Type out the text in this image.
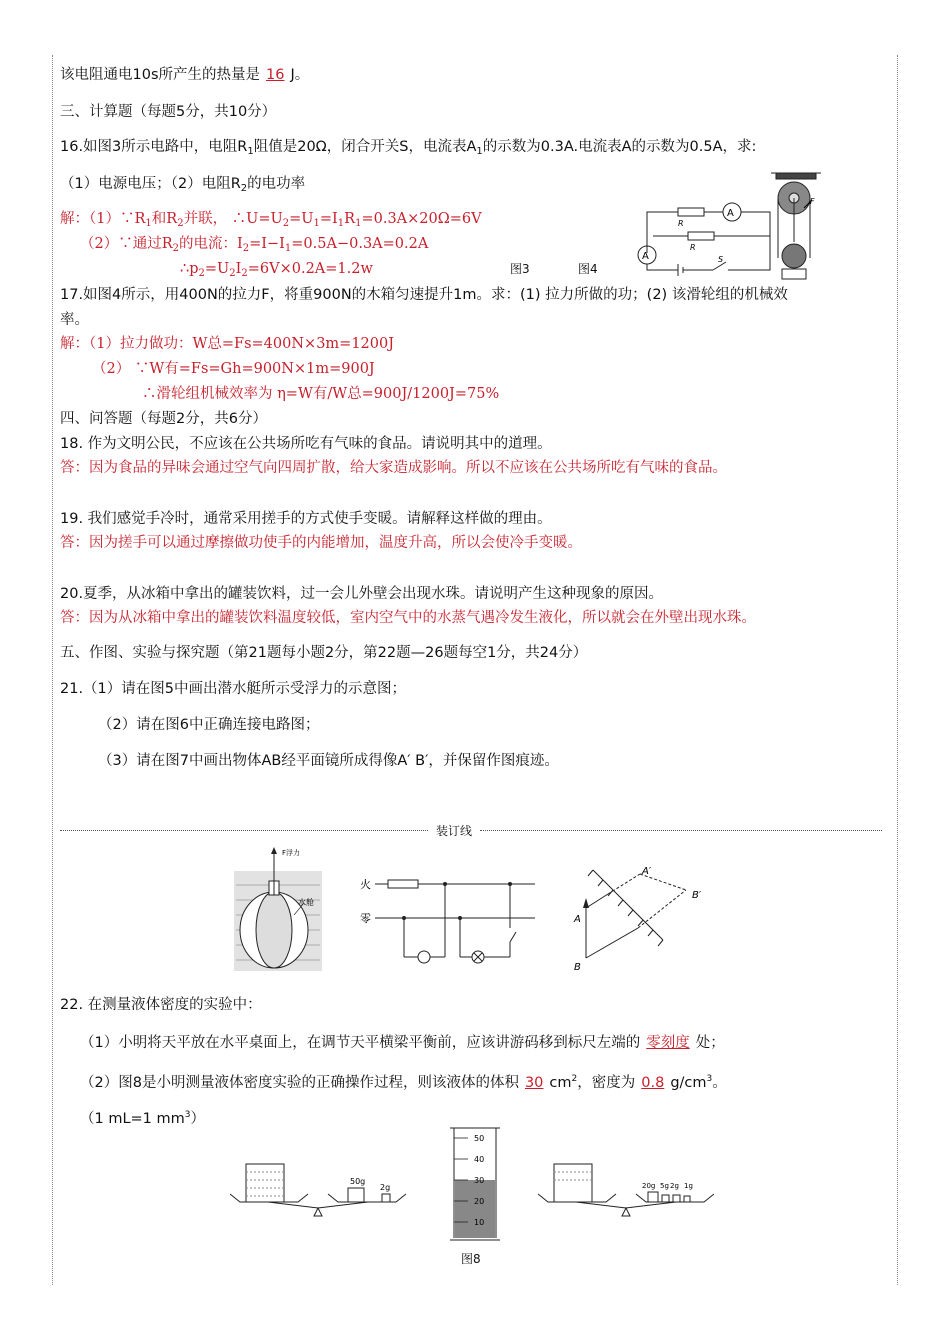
该电阻通电10s所产生的热量是 16 J。
三、计算题（每题5分，共10分）
16.如图3所示电路中，电阻$R_1$阻值是20Ω，闭合开关S，电流表$A_1$的示数为0.3A.电流表A的示数为0.5A，求:
（1）电源电压；（2）电阻$R_2$的电功率
解：$(1)\because R_1$和$R_2$并联， $\therefore U=U_2=U_1=I_1R_1=0.3A\times 20\Omega=6V$
（2）∵通过$R_2$的电流：$I_2=I-I_1=0.5A-0.3A=0.2A$
$\therefore p_2=U_2I_2=6V\times 0.2A=1.2w$
R
R
A
A	S
图3	图4
F
17.如图4所示，用400N的拉力F，将重900N的木箱匀速提升1m。求：(1) 拉力所做的功；(2) 该滑轮组的机械效
率。
解：（1）拉力做功：W总=Fs=400N×3m=1200J
（2） ∵W有=Fs=Gh=900N×1m=900J
∴滑轮组机械效率为 η=W有/W总=900J/1200J=75%
四、问答题（每题2分，共6分）
18. 作为文明公民，不应该在公共场所吃有气味的食品。请说明其中的道理。
答：因为食品的异味会通过空气向四周扩散，给大家造成影响。所以不应该在公共场所吃有气味的食品。
19. 我们感觉手冷时，通常采用搓手的方式使手变暖。请解释这样做的理由。
答：因为搓手可以通过摩擦做功使手的内能增加，温度升高，所以会使冷手变暖。
20.夏季，从冰箱中拿出的罐装饮料，过一会儿外壁会出现水珠。请说明产生这种现象的原因。
答：因为从冰箱中拿出的罐装饮料温度较低，室内空气中的水蒸气遇冷发生液化，所以就会在外壁出现水珠。
五、作图、实验与探究题（第21题每小题2分，第22题—26题每空1分，共24分）
21.（1）请在图5中画出潜水艇所示受浮力的示意图；
（2）请在图6中正确连接电路图；
（3）请在图7中画出物体AB经平面镜所成得像A′ B′，并保留作图痕迹。
装订线
F浮力
水舱
火
零	A
B
A′
B′
22. 在测量液体密度的实验中：
（1）小明将天平放在水平桌面上，在调节天平横梁平衡前，应该讲游码移到标尺左端的 零刻度 处；
（2）图8是小明测量液体密度实验的正确操作过程，则该液体的体积 30 $cm^2$，密度为 0.8 $g/cm^3$。
（1 mL=1 $mm^3$）
50g
2g
50
40
30
20
10
图8
20g 5g 2g 1g
